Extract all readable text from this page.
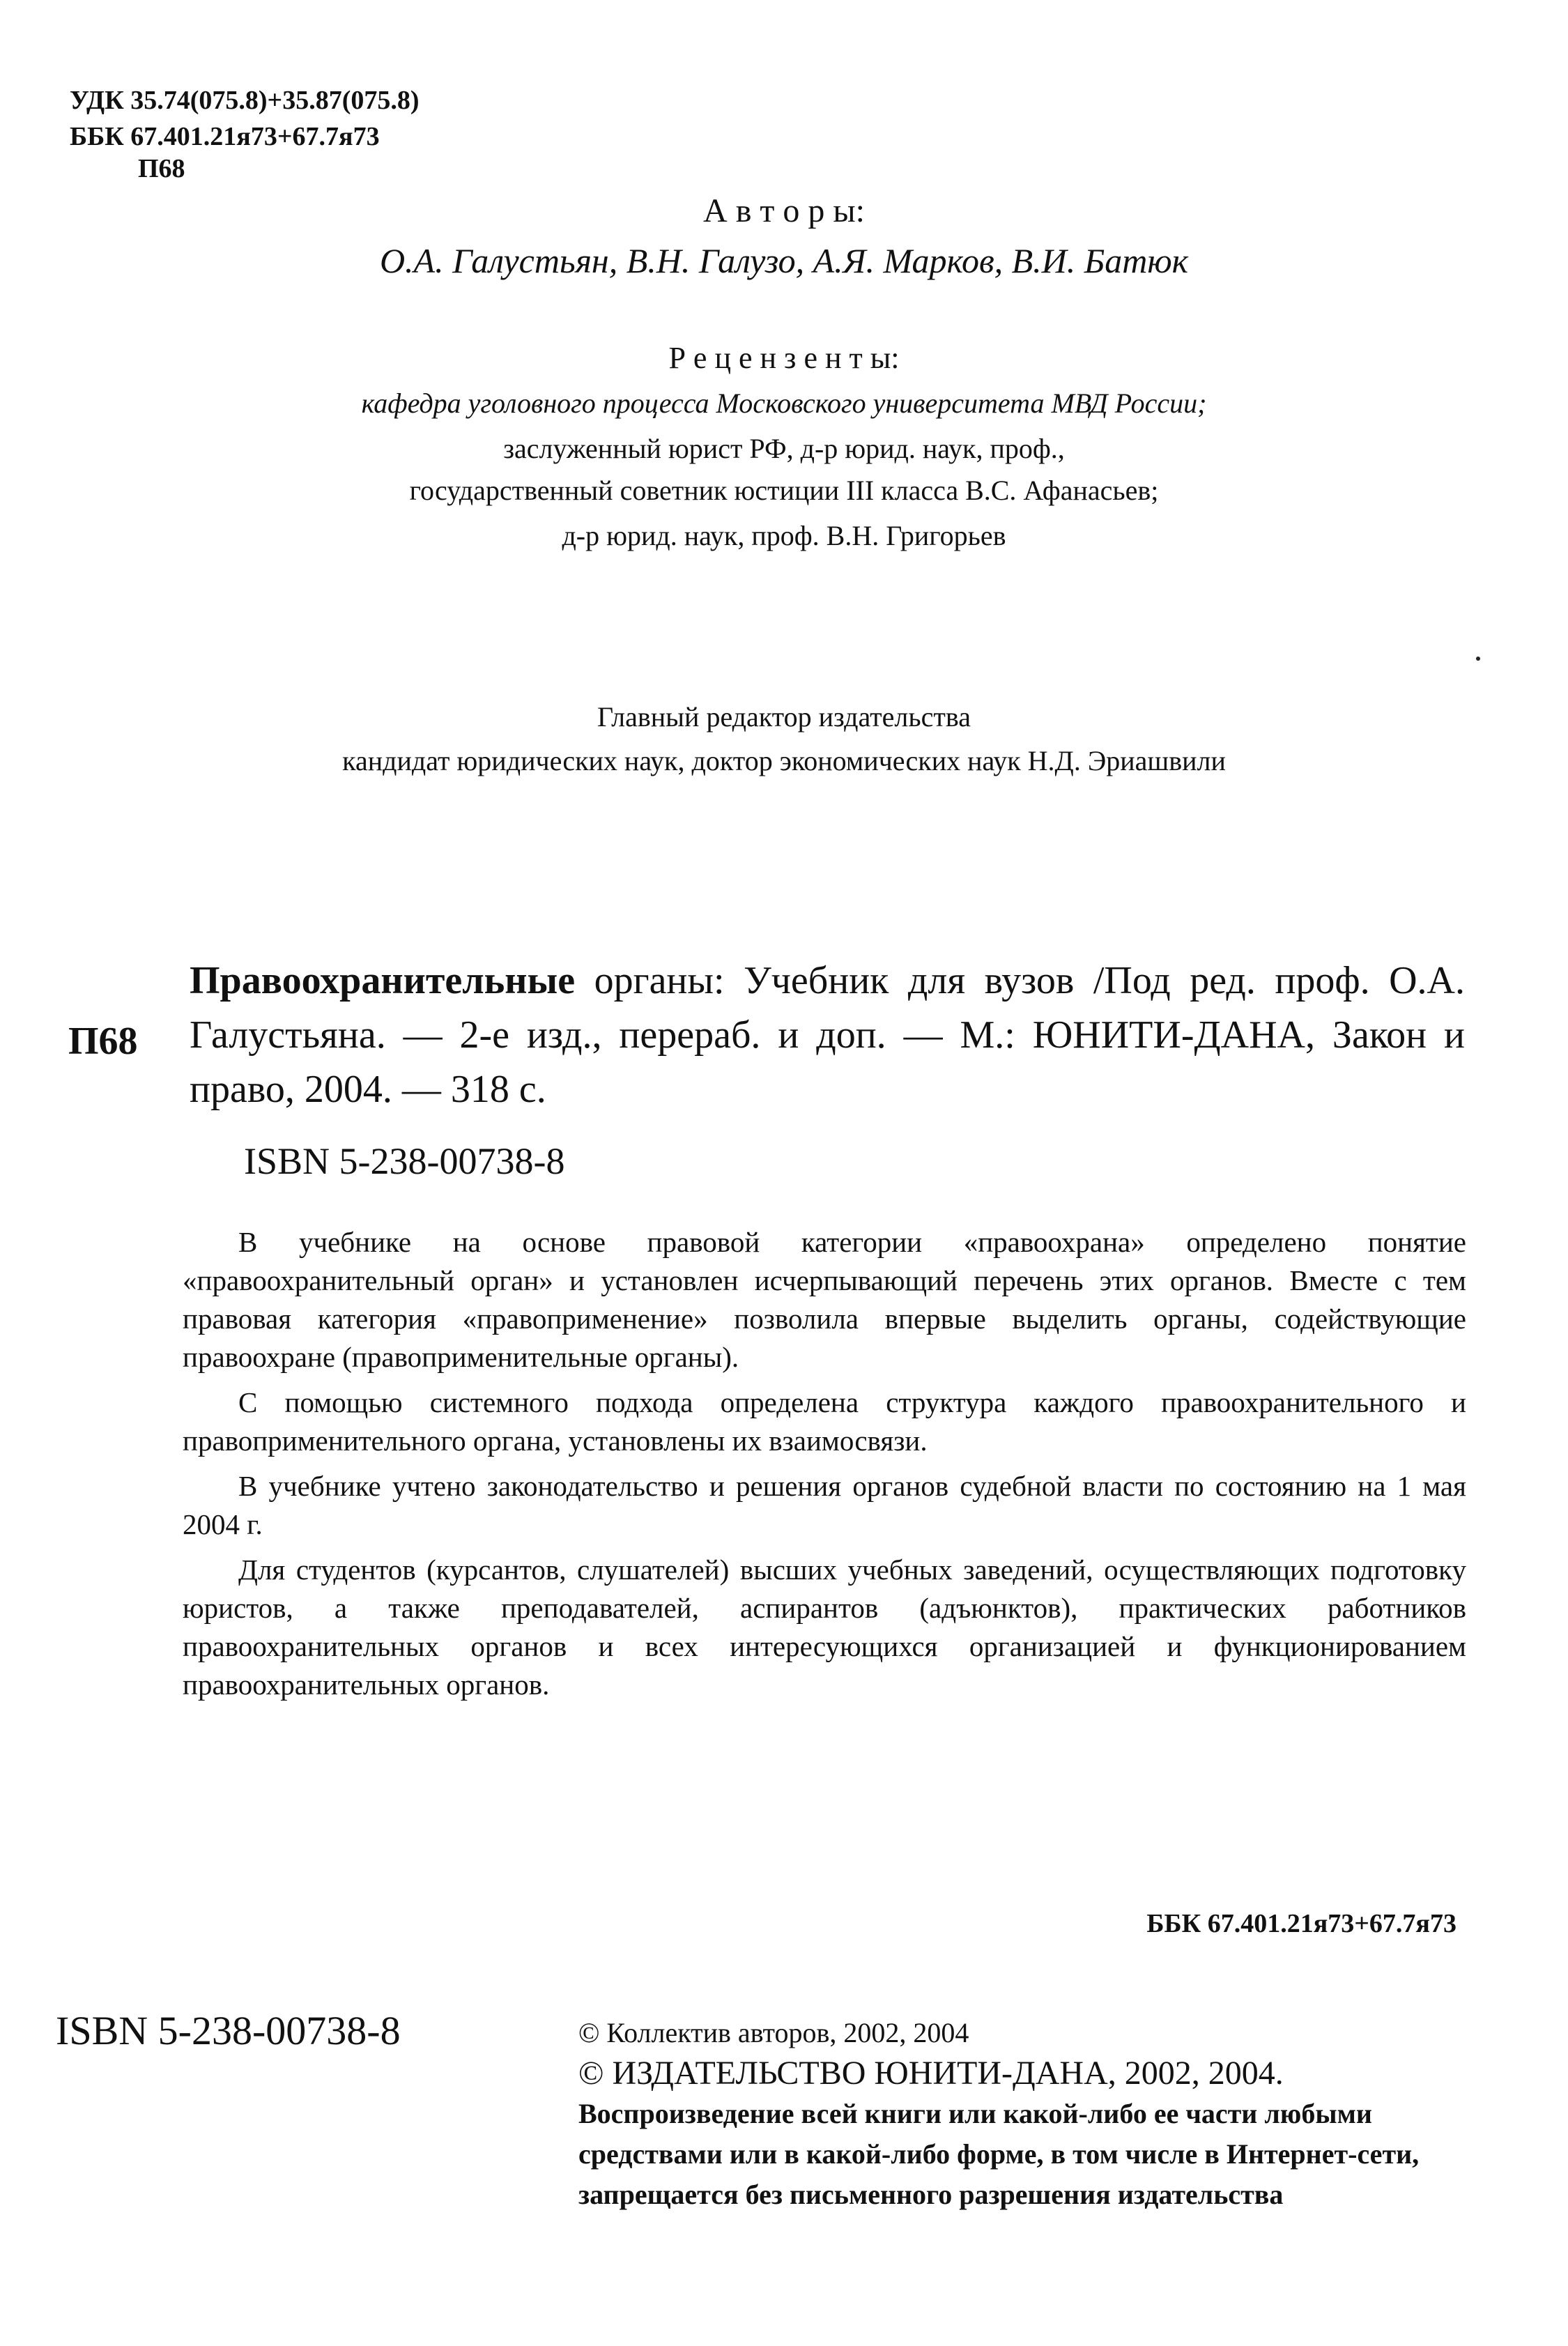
УДК 35.74(075.8)+35.87(075.8)
ББК 67.401.21я73+67.7я73
П68
А в т о р ы:
О.А. Галустьян, В.Н. Галузо, А.Я. Марков, В.И. Батюк
Р е ц е н з е н т ы:
кафедра уголовного процесса Московского университета МВД России;
заслуженный юрист РФ, д-р юрид. наук, проф.,
государственный советник юстиции III класса В.С. Афанасьев;
д-р юрид. наук, проф. В.Н. Григорьев
Главный редактор издательства
кандидат юридических наук, доктор экономических наук Н.Д. Эриашвили
П68
Правоохранительные органы: Учебник для вузов /Под ред. проф. О.А. Галустьяна. — 2-е изд., перераб. и доп. — М.: ЮНИТИ-ДАНА, Закон и право, 2004. — 318 с.
ISBN 5-238-00738-8

В учебнике на основе правовой категории «правоохрана» определено понятие «правоохранительный орган» и установлен исчерпывающий перечень этих органов. Вместе с тем правовая категория «правоприменение» позволила впервые выделить органы, содействующие правоохране (правоприменительные органы).

С помощью системного подхода определена структура каждого правоохранительного и правоприменительного органа, установлены их взаимосвязи.

В учебнике учтено законодательство и решения органов судебной власти по состоянию на 1 мая 2004 г.

Для студентов (курсантов, слушателей) высших учебных заведений, осуществляющих подготовку юристов, а также преподавателей, аспирантов (адъюнктов), практических работников правоохранительных органов и всех интересующихся организацией и функционированием правоохранительных органов.

ББК 67.401.21я73+67.7я73
ISBN 5-238-00738-8	© Коллектив авторов, 2002, 2004
© ИЗДАТЕЛЬСТВО ЮНИТИ-ДАНА, 2002, 2004.
Воспроизведение всей книги или какой-либо ее части любыми средствами или в какой-либо форме, в том числе в Интернет-сети, запрещается без письменного разрешения издательства
